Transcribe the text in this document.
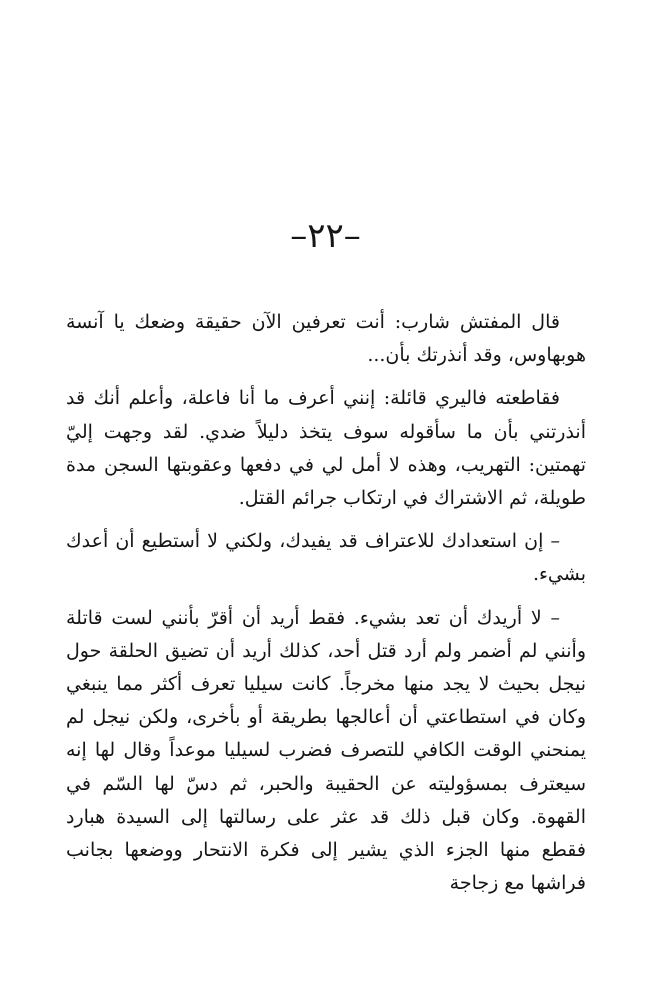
–٢٢–

قال المفتش شارب: أنت تعرفين الآن حقيقة وضعك يا آنسة هوبهاوس، وقد أنذرتك بأن...

فقاطعته فاليري قائلة: إنني أعرف ما أنا فاعلة، وأعلم أنك قد أنذرتني بأن ما سأقوله سوف يتخذ دليلاً ضدي. لقد وجهت إليّ تهمتين: التهريب، وهذه لا أمل لي في دفعها وعقوبتها السجن مدة طويلة، ثم الاشتراك في ارتكاب جرائم القتل.

– إن استعدادك للاعتراف قد يفيدك، ولكني لا أستطيع أن أعدك بشيء.

– لا أريدك أن تعد بشيء. فقط أريد أن أقرّ بأنني لست قاتلة وأنني لم أضمر ولم أرد قتل أحد، كذلك أريد أن تضيق الحلقة حول نيجل بحيث لا يجد منها مخرجاً. كانت سيليا تعرف أكثر مما ينبغي وكان في استطاعتي أن أعالجها بطريقة أو بأخرى، ولكن نيجل لم يمنحني الوقت الكافي للتصرف فضرب لسيليا موعداً وقال لها إنه سيعترف بمسؤوليته عن الحقيبة والحبر، ثم دسّ لها السّم في القهوة. وكان قبل ذلك قد عثر على رسالتها إلى السيدة هبارد فقطع منها الجزء الذي يشير إلى فكرة الانتحار ووضعها بجانب فراشها مع زجاجة
